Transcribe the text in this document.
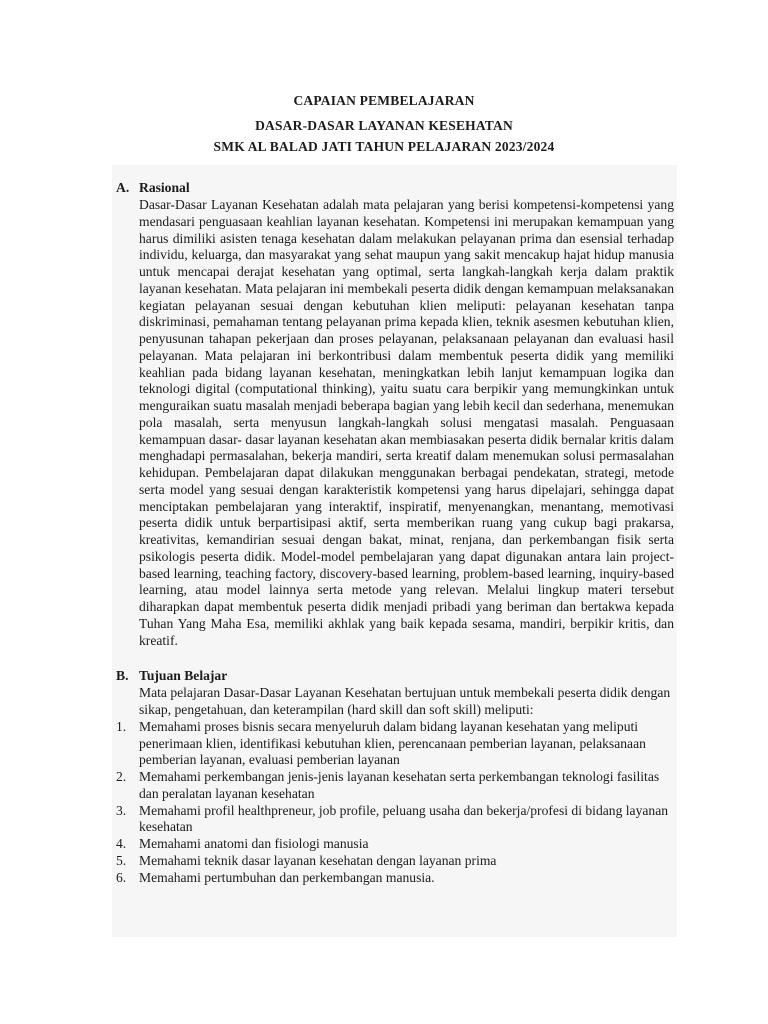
CAPAIAN PEMBELAJARAN
DASAR-DASAR LAYANAN KESEHATAN
SMK AL BALAD JATI TAHUN PELAJARAN 2023/2024
A. Rasional
Dasar-Dasar Layanan Kesehatan adalah mata pelajaran yang berisi kompetensi-kompetensi yang mendasari penguasaan keahlian layanan kesehatan. Kompetensi ini merupakan kemampuan yang harus dimiliki asisten tenaga kesehatan dalam melakukan pelayanan prima dan esensial terhadap individu, keluarga, dan masyarakat yang sehat maupun yang sakit mencakup hajat hidup manusia untuk mencapai derajat kesehatan yang optimal, serta langkah-langkah kerja dalam praktik layanan kesehatan. Mata pelajaran ini membekali peserta didik dengan kemampuan melaksanakan kegiatan pelayanan sesuai dengan kebutuhan klien meliputi: pelayanan kesehatan tanpa diskriminasi, pemahaman tentang pelayanan prima kepada klien, teknik asesmen kebutuhan klien, penyusunan tahapan pekerjaan dan proses pelayanan, pelaksanaan pelayanan dan evaluasi hasil pelayanan. Mata pelajaran ini berkontribusi dalam membentuk peserta didik yang memiliki keahlian pada bidang layanan kesehatan, meningkatkan lebih lanjut kemampuan logika dan teknologi digital (computational thinking), yaitu suatu cara berpikir yang memungkinkan untuk menguraikan suatu masalah menjadi beberapa bagian yang lebih kecil dan sederhana, menemukan pola masalah, serta menyusun langkah-langkah solusi mengatasi masalah. Penguasaan kemampuan dasar- dasar layanan kesehatan akan membiasakan peserta didik bernalar kritis dalam menghadapi permasalahan, bekerja mandiri, serta kreatif dalam menemukan solusi permasalahan kehidupan. Pembelajaran dapat dilakukan menggunakan berbagai pendekatan, strategi, metode serta model yang sesuai dengan karakteristik kompetensi yang harus dipelajari, sehingga dapat menciptakan pembelajaran yang interaktif, inspiratif, menyenangkan, menantang, memotivasi peserta didik untuk berpartisipasi aktif, serta memberikan ruang yang cukup bagi prakarsa, kreativitas, kemandirian sesuai dengan bakat, minat, renjana, dan perkembangan fisik serta psikologis peserta didik. Model-model pembelajaran yang dapat digunakan antara lain project-based learning, teaching factory, discovery-based learning, problem-based learning, inquiry-based learning, atau model lainnya serta metode yang relevan. Melalui lingkup materi tersebut diharapkan dapat membentuk peserta didik menjadi pribadi yang beriman dan bertakwa kepada Tuhan Yang Maha Esa, memiliki akhlak yang baik kepada sesama, mandiri, berpikir kritis, dan kreatif.
B. Tujuan Belajar
Mata pelajaran Dasar-Dasar Layanan Kesehatan bertujuan untuk membekali peserta didik dengan sikap, pengetahuan, dan keterampilan (hard skill dan soft skill) meliputi:
1. Memahami proses bisnis secara menyeluruh dalam bidang layanan kesehatan yang meliputi penerimaan klien, identifikasi kebutuhan klien, perencanaan pemberian layanan, pelaksanaan pemberian layanan, evaluasi pemberian layanan
2. Memahami perkembangan jenis-jenis layanan kesehatan serta perkembangan teknologi fasilitas dan peralatan layanan kesehatan
3. Memahami profil healthpreneur, job profile, peluang usaha dan bekerja/profesi di bidang layanan kesehatan
4. Memahami anatomi dan fisiologi manusia
5. Memahami teknik dasar layanan kesehatan dengan layanan prima
6. Memahami pertumbuhan dan perkembangan manusia.
